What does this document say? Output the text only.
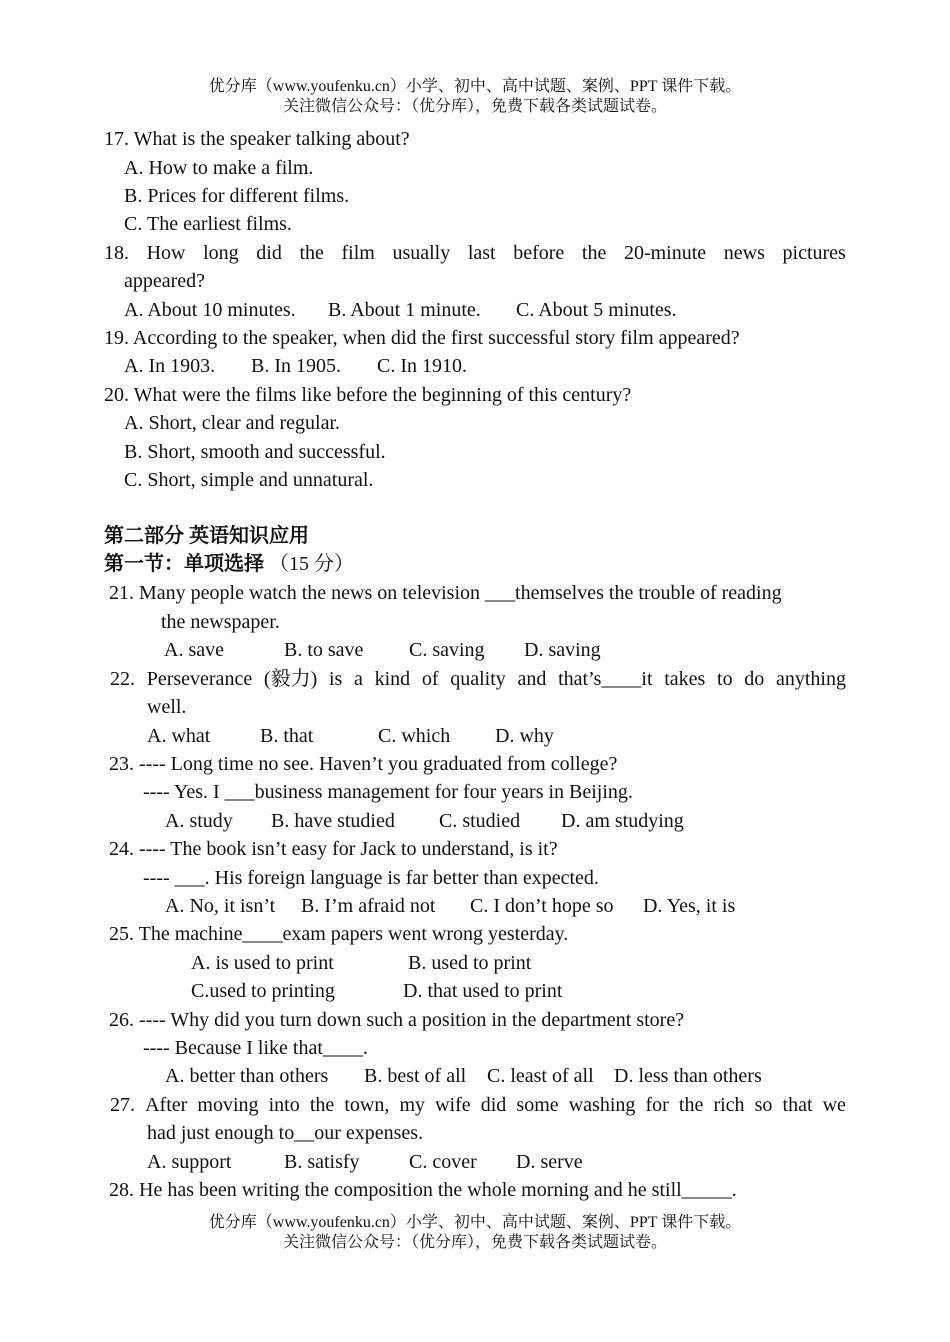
优分库（www.youfenku.cn）小学、初中、高中试题、案例、PPT 课件下载。
关注微信公众号：（优分库），免费下载各类试题试卷。
17. What is the speaker talking about?
A. How to make a film.
B. Prices for different films.
C. The earliest films.
18. How long did the film usually last before the 20-minute news pictures
appeared?
A. About 10 minutes. B. About 1 minute. C. About 5 minutes.
19. According to the speaker, when did the first successful story film appeared?
A. In 1903. B. In 1905. C. In 1910.
20. What were the films like before the beginning of this century?
A. Short, clear and regular.
B. Short, smooth and successful.
C. Short, simple and unnatural.
第二部分 英语知识应用
第一节：单项选择 （15 分）
21. Many people watch the news on television ___themselves the trouble of reading
the newspaper.
A. save	B. to save C. saving D. saving
22. Perseverance (毅力) is a kind of quality and that’s____it takes to do anything
well.
A. what B. that	C. which D. why
23. ---- Long time no see. Haven’t you graduated from college?
---- Yes. I ___business management for four years in Beijing.
A. study B. have studied C. studied D. am studying
24. ---- The book isn’t easy for Jack to understand, is it?
---- ___. His foreign language is far better than expected.
A. No, it isn’t B. I’m afraid not C. I don’t hope so D. Yes, it is
25. The machine____exam papers went wrong yesterday.
A. is used to print	B. used to print
C.used to printing	D. that used to print
26. ---- Why did you turn down such a position in the department store?
---- Because I like that____.
A. better than others B. best of all C. least of all D. less than others
27. After moving into the town, my wife did some washing for the rich so that we
had just enough to__our expenses.
A. support	B. satisfy C. cover D. serve
28. He has been writing the composition the whole morning and he still_____.
优分库（www.youfenku.cn）小学、初中、高中试题、案例、PPT 课件下载。
关注微信公众号：（优分库），免费下载各类试题试卷。
